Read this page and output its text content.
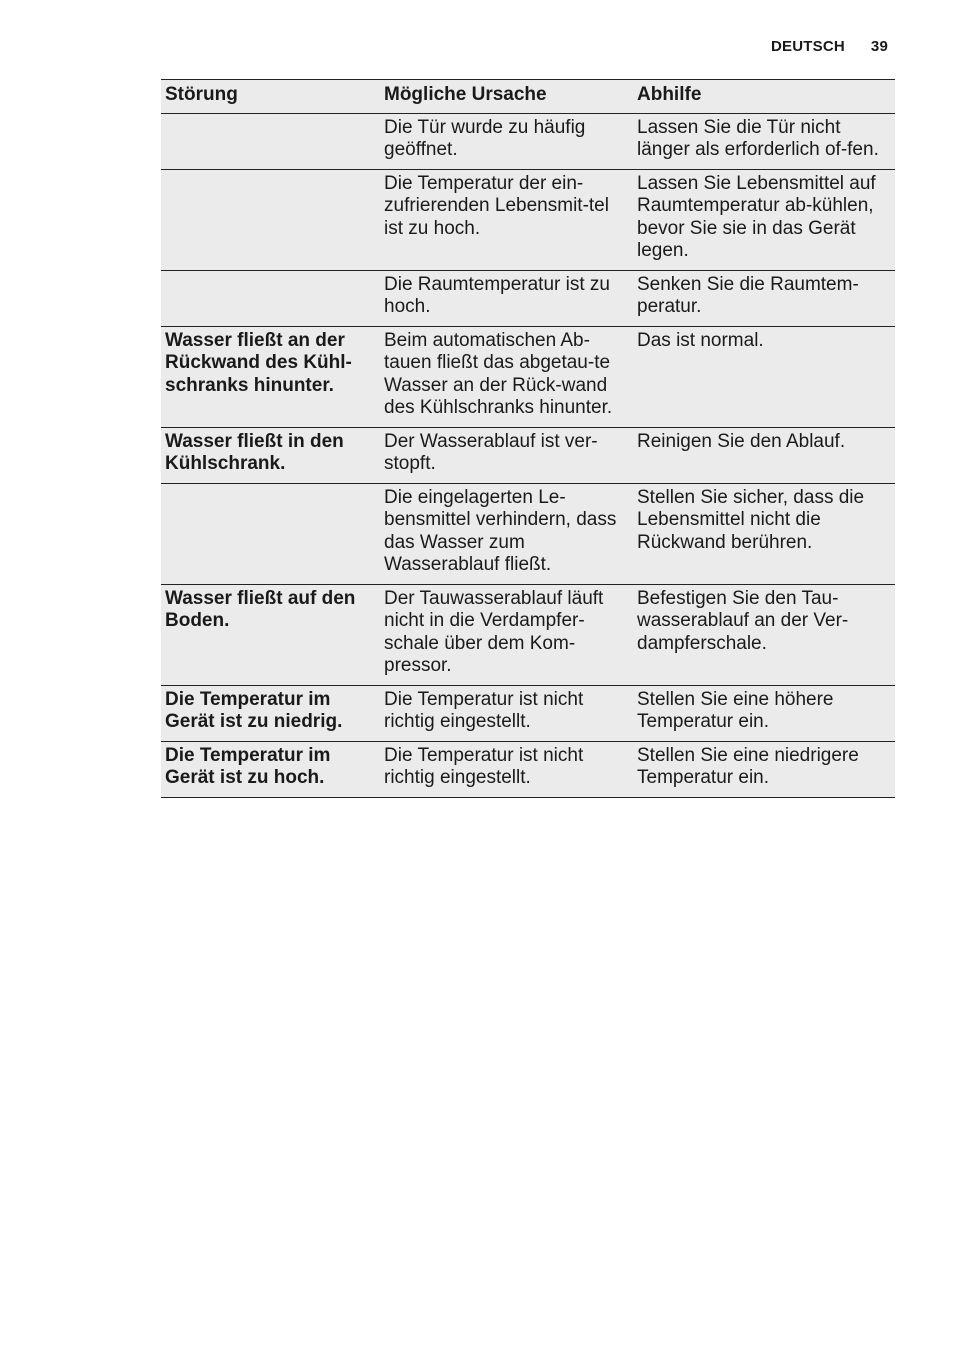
DEUTSCH 39
Störung	Mögliche Ursache	Abhilfe
	Die Tür wurde zu häufig geöffnet.	Lassen Sie die Tür nicht länger als erforderlich of-fen.
	Die Temperatur der ein-zufrierenden Lebensmit-tel ist zu hoch.	Lassen Sie Lebensmittel auf Raumtemperatur ab-kühlen, bevor Sie sie in das Gerät legen.
	Die Raumtemperatur ist zu hoch.	Senken Sie die Raumtem-peratur.
Wasser fließt an der Rückwand des Kühl-schranks hinunter.	Beim automatischen Ab-tauen fließt das abgetau-te Wasser an der Rück-wand des Kühlschranks hinunter.	Das ist normal.
Wasser fließt in den Kühlschrank.	Der Wasserablauf ist ver-stopft.	Reinigen Sie den Ablauf.
	Die eingelagerten Le-bensmittel verhindern, dass das Wasser zum Wasserablauf fließt.	Stellen Sie sicher, dass die Lebensmittel nicht die Rückwand berühren.
Wasser fließt auf den Boden.	Der Tauwasserablauf läuft nicht in die Verdampfer-schale über dem Kom-pressor.	Befestigen Sie den Tau-wasserablauf an der Ver-dampferschale.
Die Temperatur im Gerät ist zu niedrig.	Die Temperatur ist nicht richtig eingestellt.	Stellen Sie eine höhere Temperatur ein.
Die Temperatur im Gerät ist zu hoch.	Die Temperatur ist nicht richtig eingestellt.	Stellen Sie eine niedrigere Temperatur ein.
